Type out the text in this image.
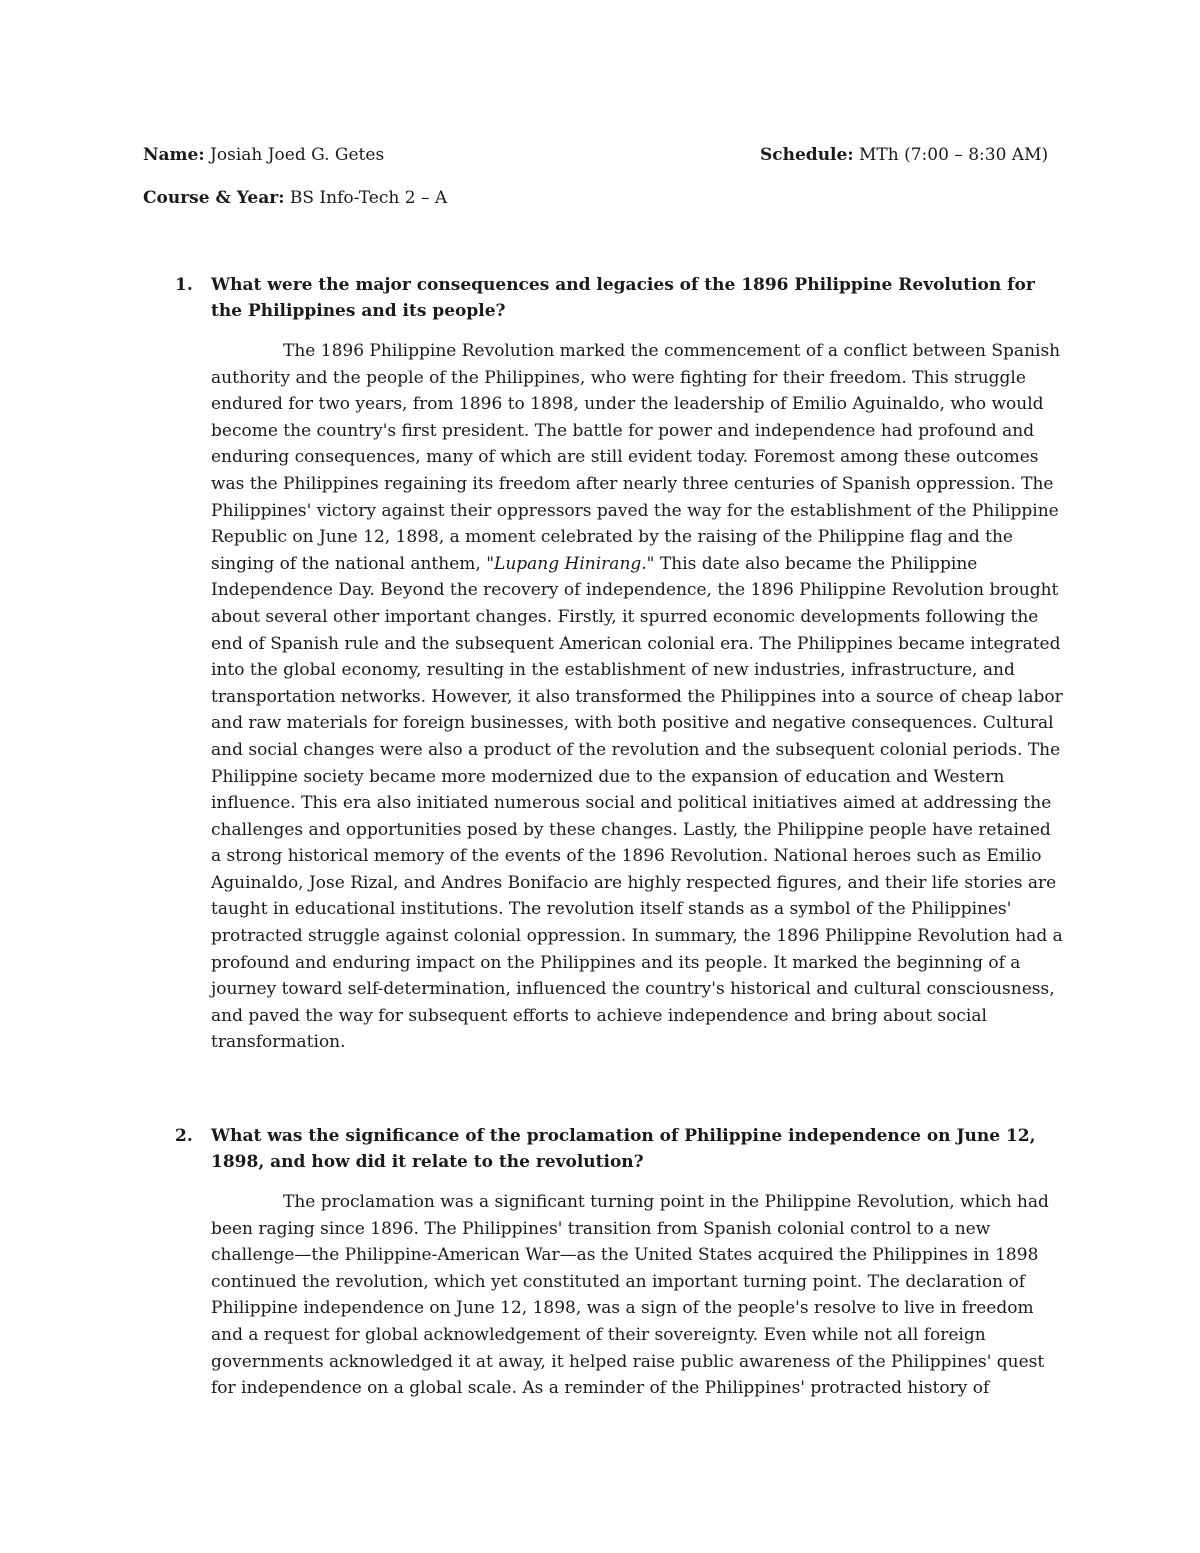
Name: Josiah Joed G. Getes	Schedule: MTh (7:00 – 8:30 AM)
Course & Year: BS Info-Tech 2 – A
1. What were the major consequences and legacies of the 1896 Philippine Revolution for the Philippines and its people?
The 1896 Philippine Revolution marked the commencement of a conflict between Spanish authority and the people of the Philippines, who were fighting for their freedom. This struggle endured for two years, from 1896 to 1898, under the leadership of Emilio Aguinaldo, who would become the country's first president. The battle for power and independence had profound and enduring consequences, many of which are still evident today. Foremost among these outcomes was the Philippines regaining its freedom after nearly three centuries of Spanish oppression. The Philippines' victory against their oppressors paved the way for the establishment of the Philippine Republic on June 12, 1898, a moment celebrated by the raising of the Philippine flag and the singing of the national anthem, "Lupang Hinirang." This date also became the Philippine Independence Day. Beyond the recovery of independence, the 1896 Philippine Revolution brought about several other important changes. Firstly, it spurred economic developments following the end of Spanish rule and the subsequent American colonial era. The Philippines became integrated into the global economy, resulting in the establishment of new industries, infrastructure, and transportation networks. However, it also transformed the Philippines into a source of cheap labor and raw materials for foreign businesses, with both positive and negative consequences. Cultural and social changes were also a product of the revolution and the subsequent colonial periods. The Philippine society became more modernized due to the expansion of education and Western influence. This era also initiated numerous social and political initiatives aimed at addressing the challenges and opportunities posed by these changes. Lastly, the Philippine people have retained a strong historical memory of the events of the 1896 Revolution. National heroes such as Emilio Aguinaldo, Jose Rizal, and Andres Bonifacio are highly respected figures, and their life stories are taught in educational institutions. The revolution itself stands as a symbol of the Philippines' protracted struggle against colonial oppression. In summary, the 1896 Philippine Revolution had a profound and enduring impact on the Philippines and its people. It marked the beginning of a journey toward self-determination, influenced the country's historical and cultural consciousness, and paved the way for subsequent efforts to achieve independence and bring about social transformation.
2. What was the significance of the proclamation of Philippine independence on June 12, 1898, and how did it relate to the revolution?
The proclamation was a significant turning point in the Philippine Revolution, which had been raging since 1896. The Philippines' transition from Spanish colonial control to a new challenge—the Philippine-American War—as the United States acquired the Philippines in 1898 continued the revolution, which yet constituted an important turning point. The declaration of Philippine independence on June 12, 1898, was a sign of the people's resolve to live in freedom and a request for global acknowledgement of their sovereignty. Even while not all foreign governments acknowledged it at away, it helped raise public awareness of the Philippines' quest for independence on a global scale. As a reminder of the Philippines' protracted history of
